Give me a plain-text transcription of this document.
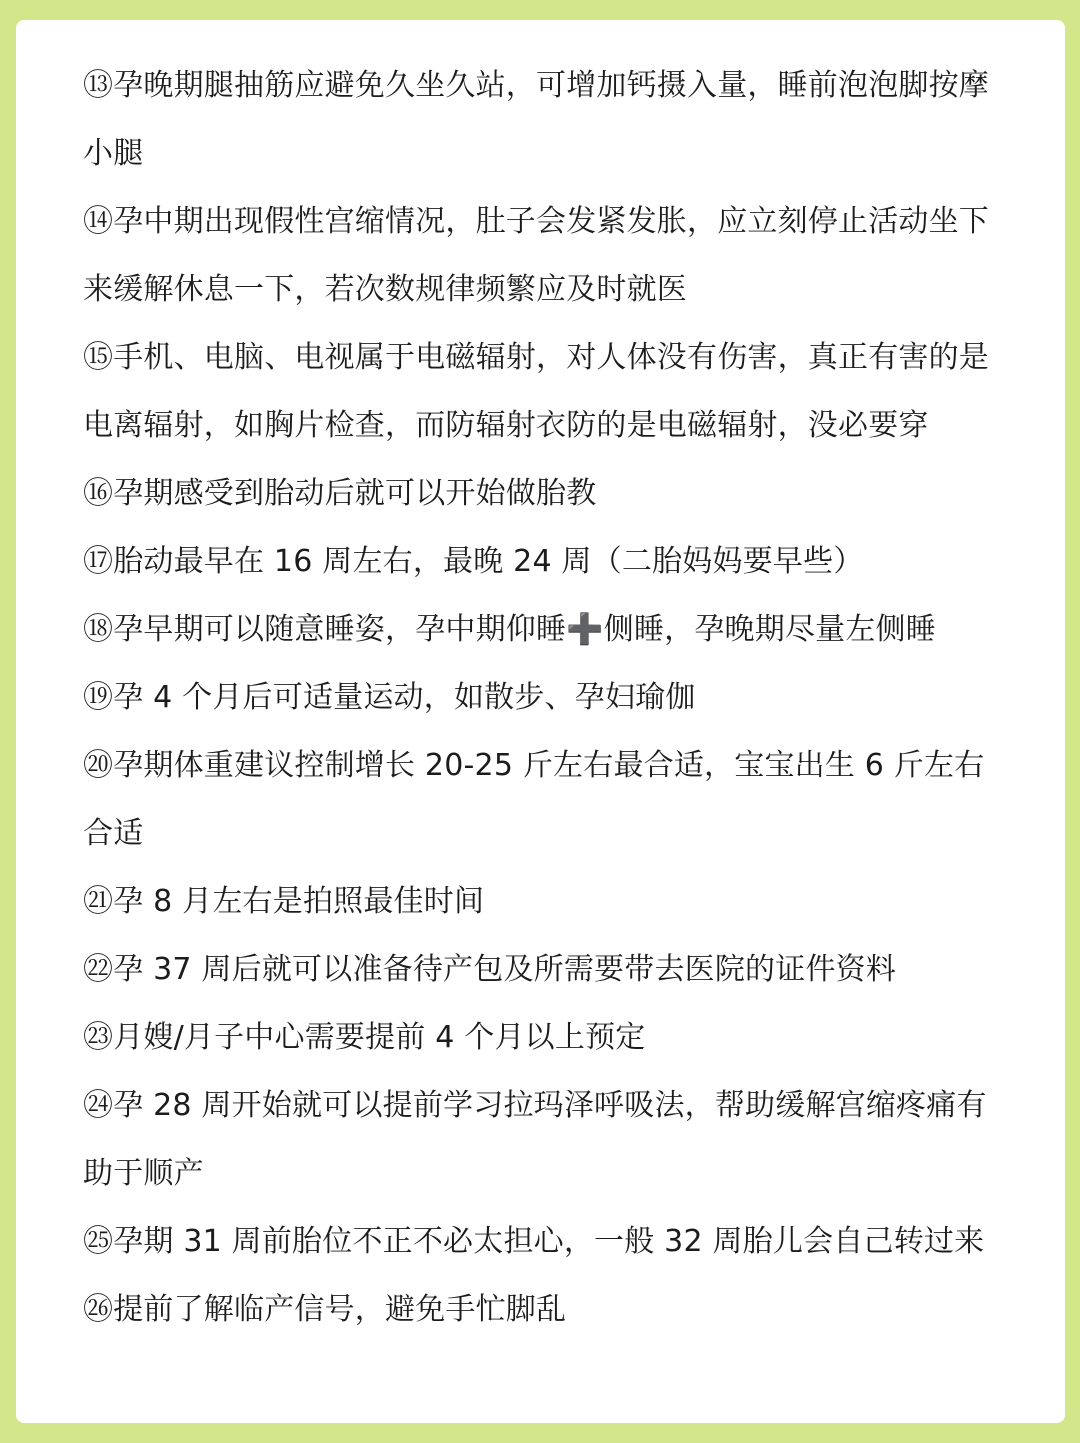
⑬孕晚期腿抽筋应避免久坐久站，可增加钙摄入量，睡前泡泡脚按摩小腿
⑭孕中期出现假性宫缩情况，肚子会发紧发胀，应立刻停止活动坐下来缓解休息一下，若次数规律频繁应及时就医
⑮手机、电脑、电视属于电磁辐射，对人体没有伤害，真正有害的是电离辐射，如胸片检查，而防辐射衣防的是电磁辐射，没必要穿
⑯孕期感受到胎动后就可以开始做胎教
⑰胎动最早在 16 周左右，最晚 24 周（二胎妈妈要早些）
⑱孕早期可以随意睡姿，孕中期仰睡➕侧睡，孕晚期尽量左侧睡
⑲孕 4 个月后可适量运动，如散步、孕妇瑜伽
⑳孕期体重建议控制增长 20-25 斤左右最合适，宝宝出生 6 斤左右合适
㉑孕 8 月左右是拍照最佳时间
㉒孕 37 周后就可以准备待产包及所需要带去医院的证件资料
㉓月嫂/月子中心需要提前 4 个月以上预定
㉔孕 28 周开始就可以提前学习拉玛泽呼吸法，帮助缓解宫缩疼痛有助于顺产
㉕孕期 31 周前胎位不正不必太担心，一般 32 周胎儿会自己转过来
㉖提前了解临产信号，避免手忙脚乱
